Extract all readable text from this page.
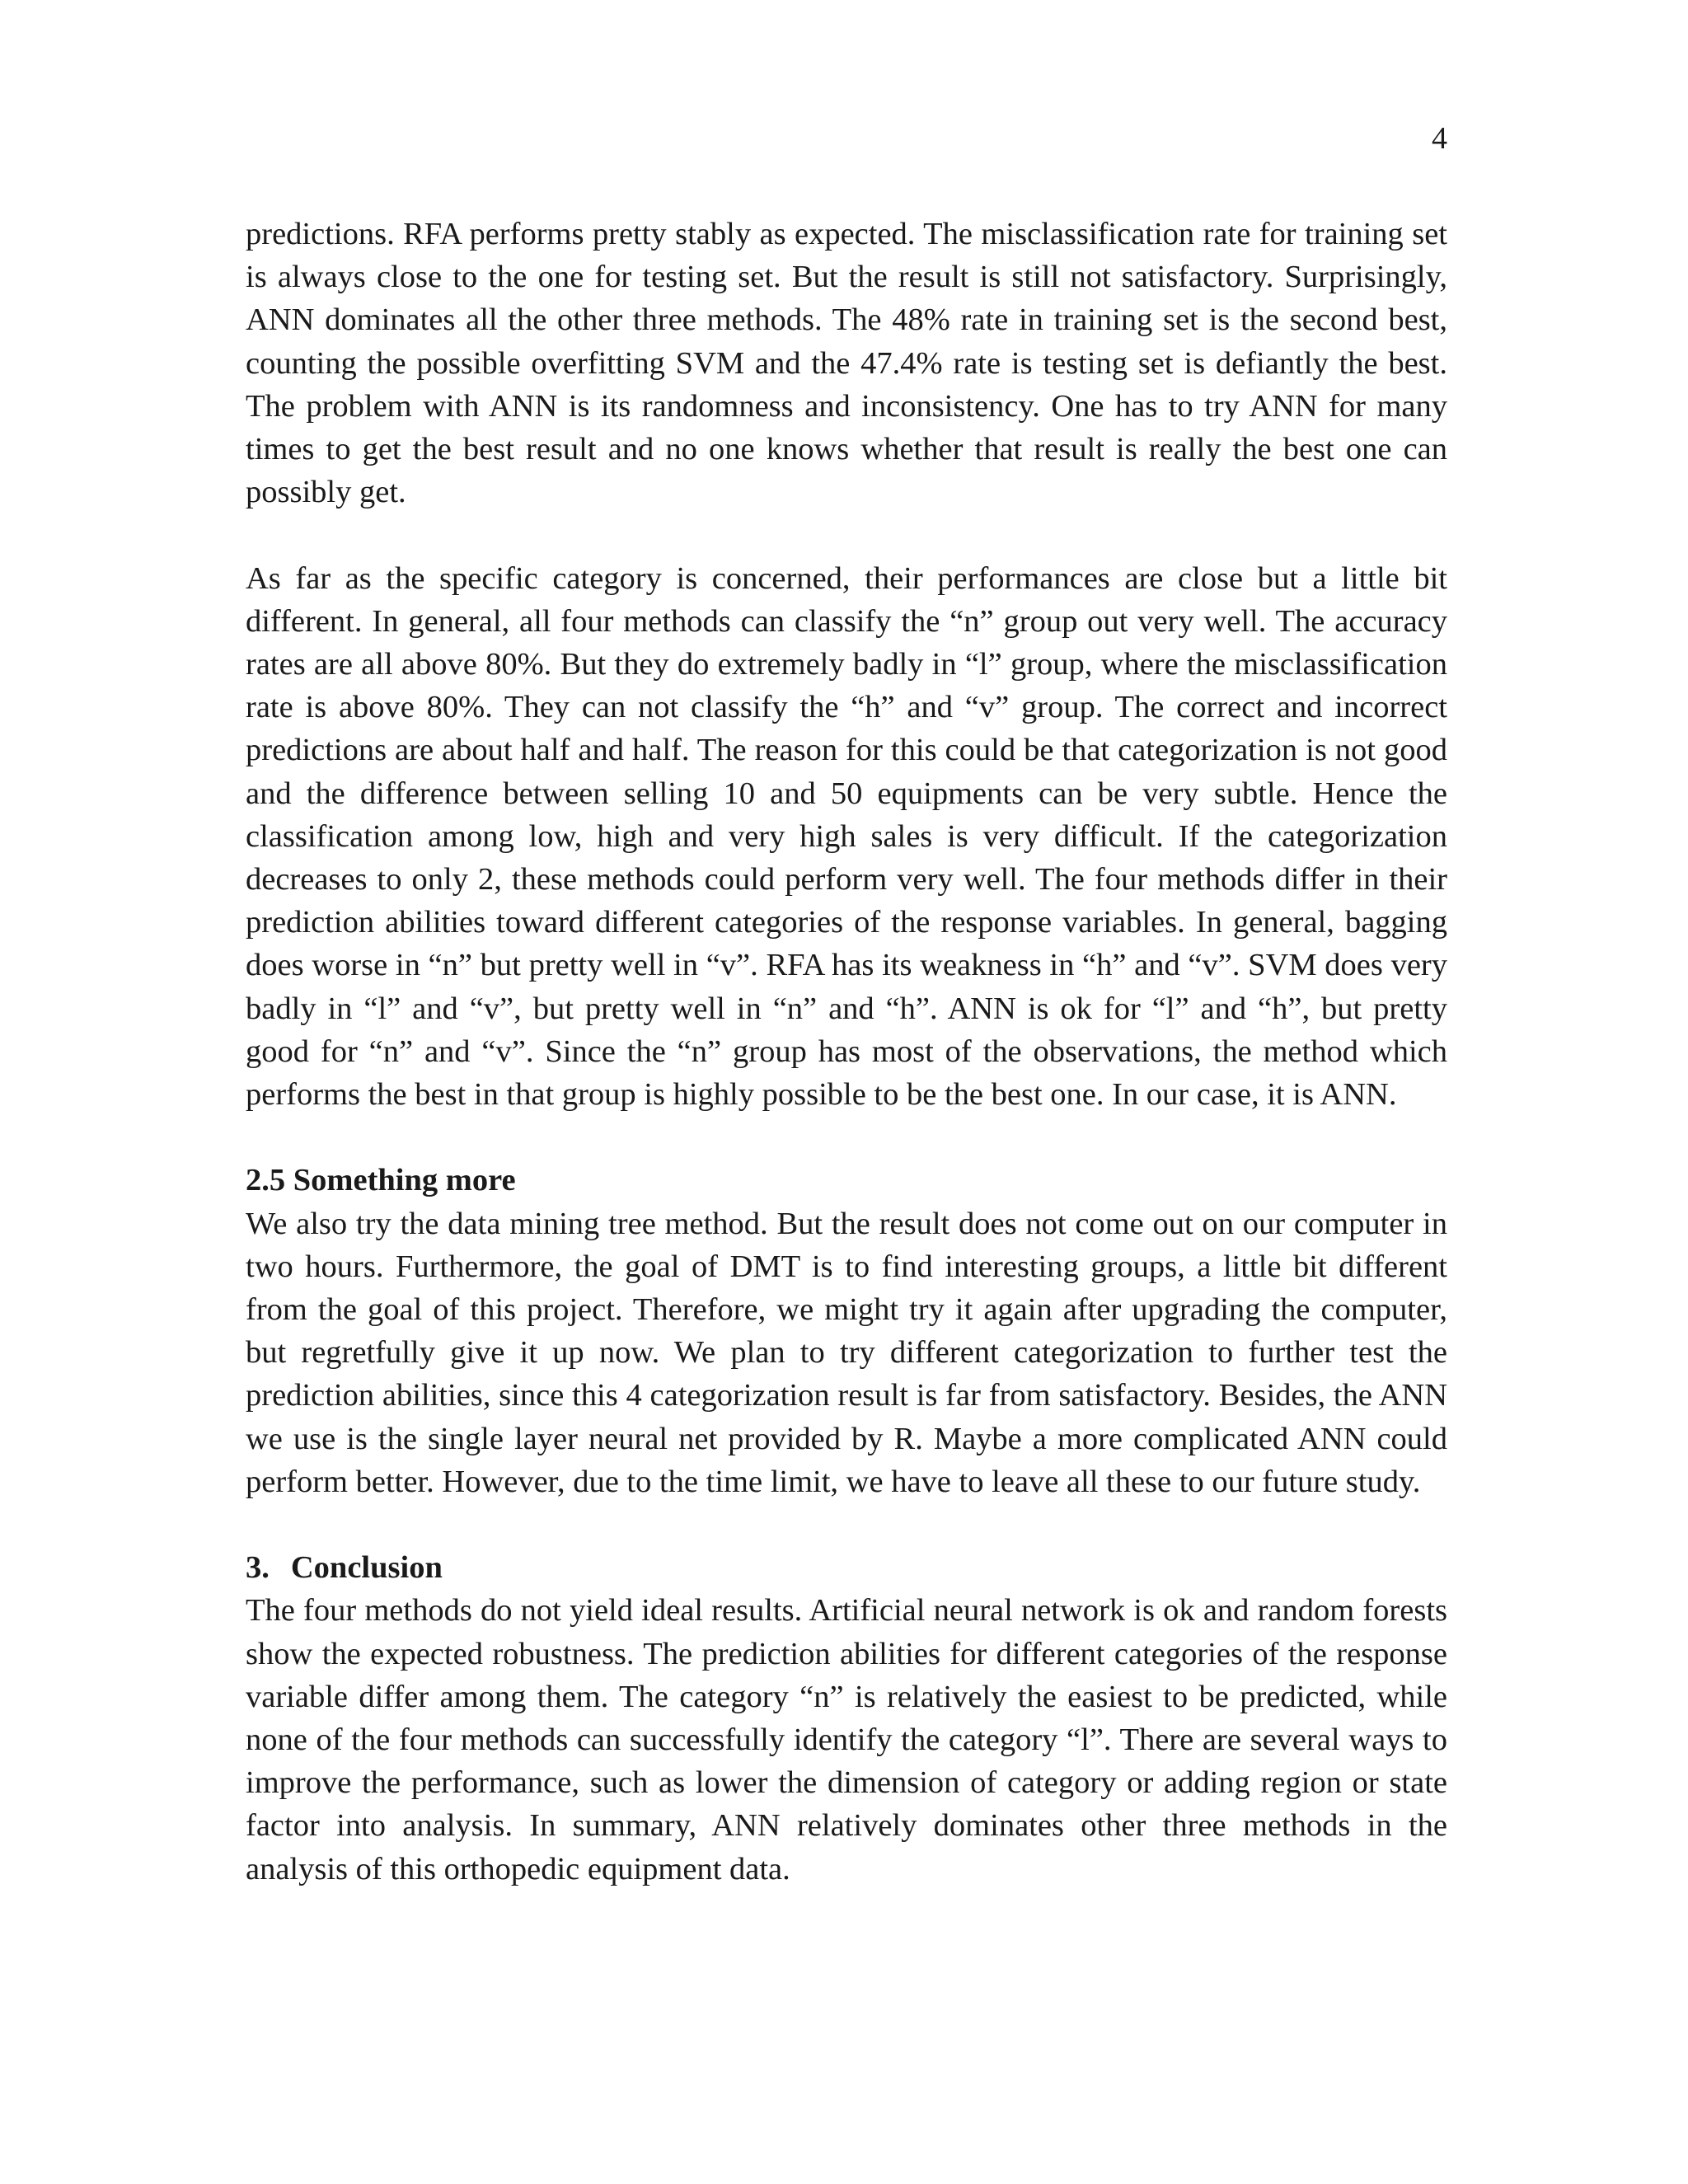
4

predictions. RFA performs pretty stably as expected. The misclassification rate for training set is always close to the one for testing set. But the result is still not satisfactory. Surprisingly, ANN dominates all the other three methods. The 48% rate in training set is the second best, counting the possible overfitting SVM and the 47.4% rate is testing set is defiantly the best. The problem with ANN is its randomness and inconsistency. One has to try ANN for many times to get the best result and no one knows whether that result is really the best one can possibly get.

As far as the specific category is concerned, their performances are close but a little bit different. In general, all four methods can classify the “n” group out very well. The accuracy rates are all above 80%. But they do extremely badly in “l” group, where the misclassification rate is above 80%. They can not classify the “h” and “v” group. The correct and incorrect predictions are about half and half. The reason for this could be that categorization is not good and the difference between selling 10 and 50 equipments can be very subtle. Hence the classification among low, high and very high sales is very difficult. If the categorization decreases to only 2, these methods could perform very well. The four methods differ in their prediction abilities toward different categories of the response variables. In general, bagging does worse in “n” but pretty well in “v”. RFA has its weakness in “h” and “v”. SVM does very badly in “l” and “v”, but pretty well in “n” and “h”. ANN is ok for “l” and “h”, but pretty good for “n” and “v”. Since the “n” group has most of the observations, the method which performs the best in that group is highly possible to be the best one. In our case, it is ANN.

2.5 Something more

We also try the data mining tree method. But the result does not come out on our computer in two hours. Furthermore, the goal of DMT is to find interesting groups, a little bit different from the goal of this project. Therefore, we might try it again after upgrading the computer, but regretfully give it up now. We plan to try different categorization to further test the prediction abilities, since this 4 categorization result is far from satisfactory. Besides, the ANN we use is the single layer neural net provided by R. Maybe a more complicated ANN could perform better. However, due to the time limit, we have to leave all these to our future study.

3. Conclusion

The four methods do not yield ideal results. Artificial neural network is ok and random forests show the expected robustness. The prediction abilities for different categories of the response variable differ among them. The category “n” is relatively the easiest to be predicted, while none of the four methods can successfully identify the category “l”. There are several ways to improve the performance, such as lower the dimension of category or adding region or state factor into analysis. In summary, ANN relatively dominates other three methods in the analysis of this orthopedic equipment data.
